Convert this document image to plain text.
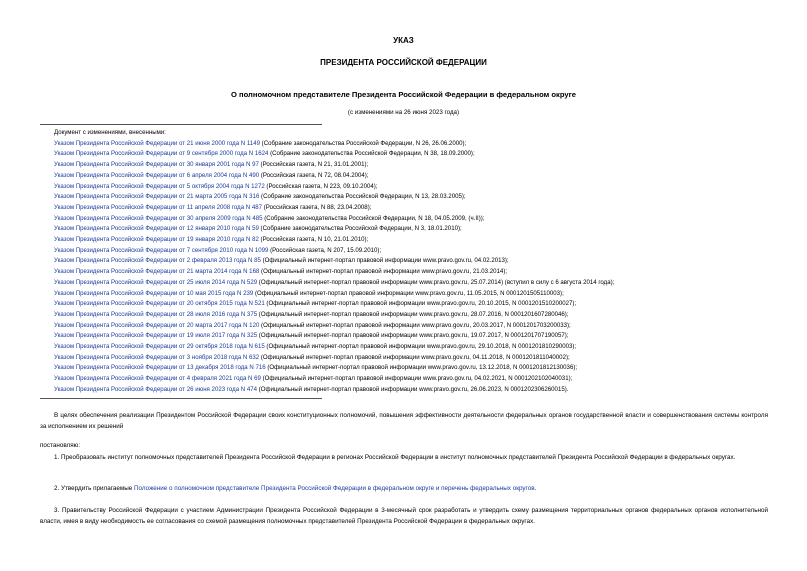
УКАЗ
ПРЕЗИДЕНТА РОССИЙСКОЙ ФЕДЕРАЦИИ
О полномочном представителе Президента Российской Федерации в федеральном округе
(с изменениями на 26 июня 2023 года)
Документ с изменениями, внесенными:
Указом Президента Российской Федерации от 21 июня 2000 года N 1149 (Собрание законодательства Российской Федерации, N 26, 26.06.2000);
Указом Президента Российской Федерации от 9 сентября 2000 года N 1624 (Собрание законодательства Российской Федерации, N 38, 18.09.2000);
Указом Президента Российской Федерации от 30 января 2001 года N 97 (Российская газета, N 21, 31.01.2001);
Указом Президента Российской Федерации от 6 апреля 2004 года N 490 (Российская газета, N 72, 08.04.2004);
Указом Президента Российской Федерации от 5 октября 2004 года N 1272 (Российская газета, N 223, 09.10.2004);
Указом Президента Российской Федерации от 21 марта 2005 года N 316 (Собрание законодательства Российской Федерации, N 13, 28.03.2005);
Указом Президента Российской Федерации от 11 апреля 2008 года N 487 (Российская газета, N 88, 23.04.2008);
Указом Президента Российской Федерации от 30 апреля 2009 года N 485 (Собрание законодательства Российской Федерации, N 18, 04.05.2009, (ч.II));
Указом Президента Российской Федерации от 12 января 2010 года N 59 (Собрание законодательства Российской Федерации, N 3, 18.01.2010);
Указом Президента Российской Федерации от 19 января 2010 года N 82 (Российская газета, N 10, 21.01.2010);
Указом Президента Российской Федерации от 7 сентября 2010 года N 1099 (Российская газета, N 207, 15.09.2010);
Указом Президента Российской Федерации от 2 февраля 2013 года N 85 (Официальный интернет-портал правовой информации www.pravo.gov.ru, 04.02.2013);
Указом Президента Российской Федерации от 21 марта 2014 года N 168 (Официальный интернет-портал правовой информации www.pravo.gov.ru, 21.03.2014);
Указом Президента Российской Федерации от 25 июля 2014 года N 529 (Официальный интернет-портал правовой информации www.pravo.gov.ru, 25.07.2014) (вступил в силу с 6 августа 2014 года);
Указом Президента Российской Федерации от 10 мая 2015 года N 239 (Официальный интернет-портал правовой информации www.pravo.gov.ru, 11.05.2015, N 0001201505110003);
Указом Президента Российской Федерации от 20 октября 2015 года N 521 (Официальный интернет-портал правовой информации www.pravo.gov.ru, 20.10.2015, N 0001201510200027);
Указом Президента Российской Федерации от 28 июля 2016 года N 375 (Официальный интернет-портал правовой информации www.pravo.gov.ru, 28.07.2016, N 0001201607280046);
Указом Президента Российской Федерации от 20 марта 2017 года N 120 (Официальный интернет-портал правовой информации www.pravo.gov.ru, 20.03.2017, N 0001201703200033);
Указом Президента Российской Федерации от 19 июля 2017 года N 325 (Официальный интернет-портал правовой информации www.pravo.gov.ru, 19.07.2017, N 0001201707190057);
Указом Президента Российской Федерации от 29 октября 2018 года N 615 (Официальный интернет-портал правовой информации www.pravo.gov.ru, 29.10.2018, N 0001201810290003);
Указом Президента Российской Федерации от 3 ноября 2018 года N 632 (Официальный интернет-портал правовой информации www.pravo.gov.ru, 04.11.2018, N 0001201811040002);
Указом Президента Российской Федерации от 13 декабря 2018 года N 716 (Официальный интернет-портал правовой информации www.pravo.gov.ru, 13.12.2018, N 0001201812130036);
Указом Президента Российской Федерации от 4 февраля 2021 года N 69 (Официальный интернет-портал правовой информации www.pravo.gov.ru, 04.02.2021, N 0001202102040031);
Указом Президента Российской Федерации от 26 июня 2023 года N 474 (Официальный интернет-портал правовой информации www.pravo.gov.ru, 26.06.2023, N 0001202306260015).
В целях обеспечения реализации Президентом Российской Федерации своих конституционных полномочий, повышения эффективности деятельности федеральных органов государственной власти и совершенствования системы контроля за исполнением их решений
постановляю:
1. Преобразовать институт полномочных представителей Президента Российской Федерации в регионах Российской Федерации в институт полномочных представителей Президента Российской Федерации в федеральных округах.
2. Утвердить прилагаемые Положение о полномочном представителе Президента Российской Федерации в федеральном округе и перечень федеральных округов.
3. Правительству Российской Федерации с участием Администрации Президента Российской Федерации в 3-месячный срок разработать и утвердить схему размещения территориальных органов федеральных органов исполнительной власти, имея в виду необходимость ее согласования со схемой размещения полномочных представителей Президента Российской Федерации в федеральных округах.
